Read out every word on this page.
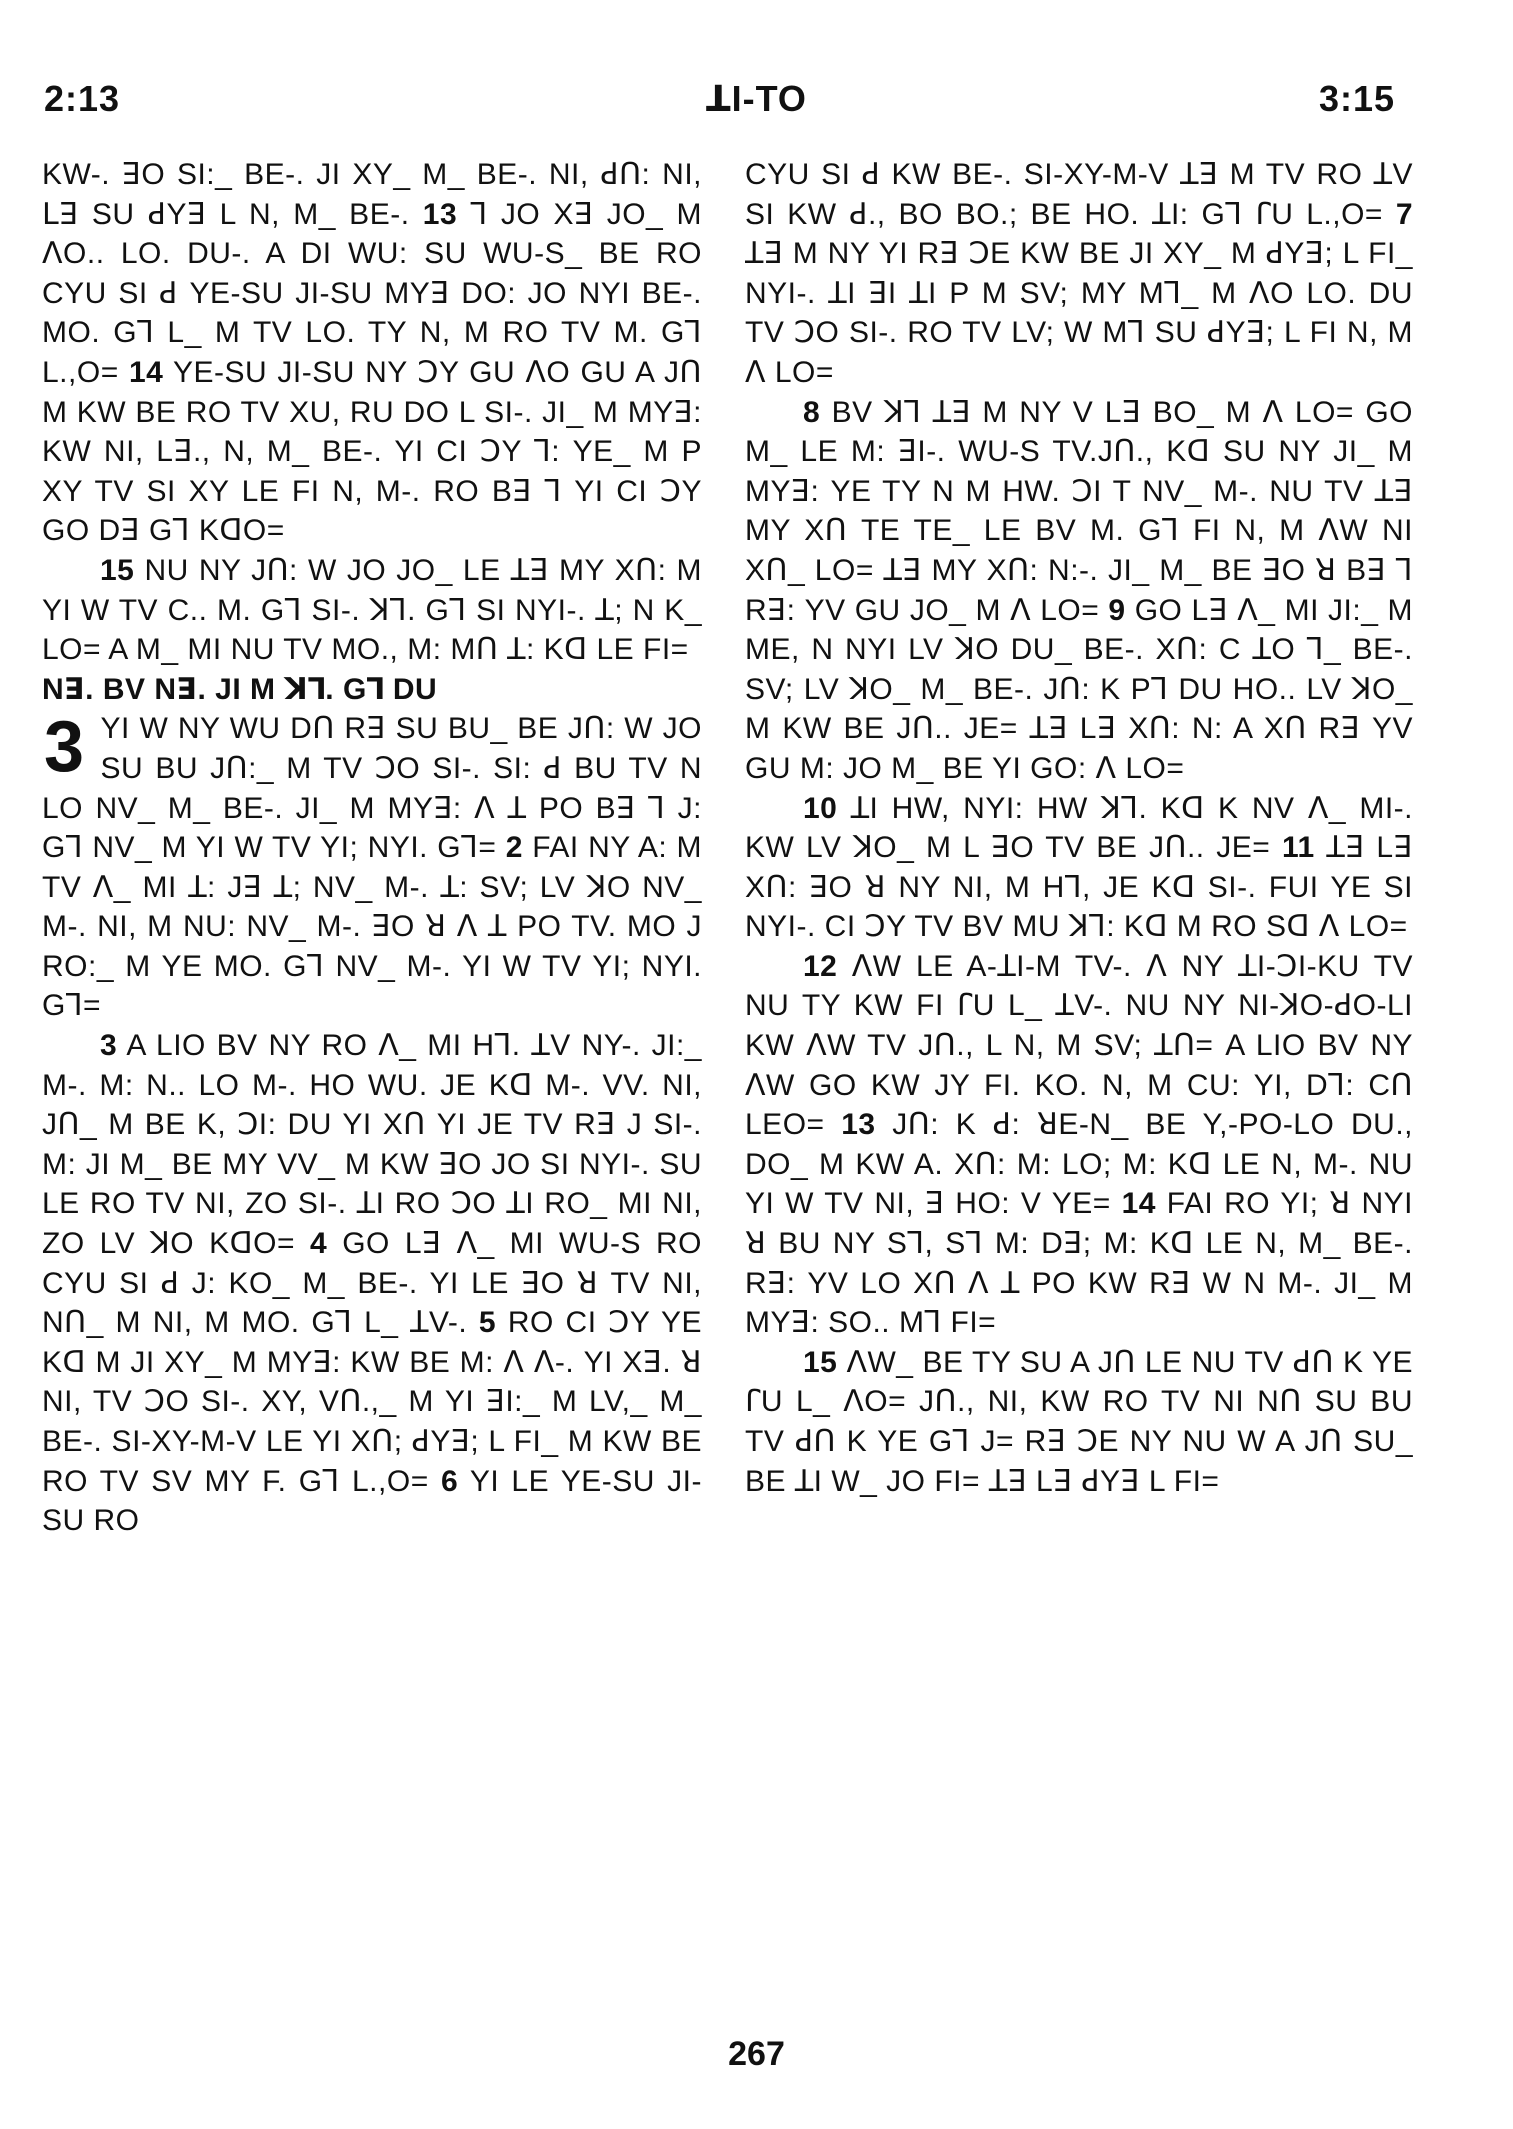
2:13	ꓕI-TO	3:15

KW-. ꓱO SI:_ BE-. JI XY_ M_ BE-. NI, ꓒՈ: NI, ꓡꓱ SU ꓒYꓱ L N, M_ BE-. 13 ꓶ JO Xꓱ JO_ M ꓥO.. LO. DU-. A DI WU: SU WU-S_ BE RO CYU SI ꓒ YE-SU JI-SU MYꓱ DO: JO NYI BE-. MO. Gꓶ L_ M TV LO. TY N, M RO TV M. Gꓶ L.,O= 14 YE-SU JI-SU NY ꓛY GU ꓥO GU A JՈ M KW BE RO TV XU, RU DO L SI-. JI_ M MYꓱ: KW NI, Lꓱ., N, M_ BE-. YI CI ꓛY ꓶ: YE_ M P XY TV SI XY LE FI N, M-. RO Bꓱ ꓶ YI CI ꓛY GO Dꓱ Gꓶ KꓷO=

15 NU NY JՈ: W JO JO_ LE ꓕꓱ MY XՈ: M YI W TV C.. M. Gꓶ SI-. ꓘꓶ. Gꓶ SI NYI-. ꓕ; N K_ LO= A M_ MI NU TV MO., M: MՈ ꓕ: Kꓷ LE FI=

Nꓱ. BV Nꓱ. JI M ꓘꓶ. Gꓶ DU

3 YI W NY WU DՈ Rꓱ SU BU_ BE JՈ: W JO SU BU JՈ:_ M TV ꓛO SI-. SI: ꓒ BU TV N LO NV_ M_ BE-. JI_ M MYꓱ: ꓥ ꓕ PO Bꓱ ꓶ J: Gꓶ NV_ M YI W TV YI; NYI. Gꓶ= 2 FAI NY A: M TV ꓥ_ MI ꓕ: Jꓱ ꓕ; NV_ M-. ꓕ: SV; LV ꓘO NV_ M-. NI, M NU: NV_ M-. ꓱO ꓤ ꓥ ꓕ PO TV. MO J RO:_ M YE MO. Gꓶ NV_ M-. YI W TV YI; NYI. Gꓶ=

3 A LIO BV NY RO ꓥ_ MI Hꓶ. ꓕV NY-. JI:_ M-. M: N.. LO M-. HO WU. JE Kꓷ M-. VV. NI, JՈ_ M BE K, ꓛI: DU YI XՈ YI JE TV Rꓱ J SI-. M: JI M_ BE MY VV_ M KW ꓱO JO SI NYI-. SU LE RO TV NI, ZO SI-. ꓕI RO ꓛO ꓕI RO_ MI NI, ZO LV ꓘO KꓷO= 4 GO Lꓱ ꓥ_ MI WU-S RO CYU SI ꓒ J: KO_ M_ BE-. YI LE ꓱO ꓤ TV NI, NՈ_ M NI, M MO. Gꓶ L_ ꓕV-. 5 RO CI ꓛY YE Kꓷ M JI XY_ M MYꓱ: KW BE M: ꓥ ꓥ-. YI Xꓱ. ꓤ NI, TV ꓛO SI-. XY, VՈ.,_ M YI ꓱI:_ M LV,_ M_ BE-. SI-XY-M-V LE YI XՈ; ꓒYꓱ; L FI_ M KW BE RO TV SV MY F. Gꓶ L.,O= 6 YI LE YE-SU JI-SU RO

CYU SI ꓒ KW BE-. SI-XY-M-V ꓕꓱ M TV RO ꓕV SI KW ꓒ., BO BO.; BE HO. ꓕI: Gꓶ ꓩU L.,O= 7 ꓕꓱ M NY YI Rꓱ ꓛE KW BE JI XY_ M ꓒYꓱ; L FI_ NYI-. ꓕI ꓱI ꓕI P M SV; MY Mꓶ_ M ꓥO LO. DU TV ꓛO SI-. RO TV LV; W Mꓶ SU ꓒYꓱ; L FI N, M ꓥ LO=

8 BV ꓘꓶ ꓕꓱ M NY V Lꓱ BO_ M ꓥ LO= GO M_ LE M: ꓱI-. WU-S TV.JՈ., Kꓷ SU NY JI_ M MYꓱ: YE TY N M HW. ꓛI T NV_ M-. NU TV ꓕꓱ MY XՈ TE TE_ LE BV M. Gꓶ FI N, M ꓥW NI XՈ_ LO= ꓕꓱ MY XՈ: N:-. JI_ M_ BE ꓱO ꓤ Bꓱ ꓶ Rꓱ: YV GU JO_ M ꓥ LO= 9 GO Lꓱ ꓥ_ MI JI:_ M ME, N NYI LV ꓘO DU_ BE-. XՈ: C ꓕO ꓶ_ BE-. SV; LV ꓘO_ M_ BE-. JՈ: K Pꓶ DU HO.. LV ꓘO_ M KW BE JՈ.. JE= ꓕꓱ Lꓱ XՈ: N: A XՈ Rꓱ YV GU M: JO M_ BE YI GO: ꓥ LO=

10 ꓕI HW, NYI: HW ꓘꓶ. Kꓷ K NV ꓥ_ MI-. KW LV ꓘO_ M L ꓱO TV BE JՈ.. JE= 11 ꓕꓱ Lꓱ XՈ: ꓱO ꓤ NY NI, M Hꓶ, JE Kꓷ SI-. FUI YE SI NYI-. CI ꓛY TV BV MU ꓘꓶ: Kꓷ M RO Sꓷ ꓥ LO=

12 ꓥW LE A-ꓕI-M TV-. ꓥ NY ꓕI-ꓛI-KU TV NU TY KW FI ꓩU L_ ꓕV-. NU NY NI-ꓘO-ꓒO-LI KW ꓥW TV JՈ., L N, M SV; ꓕՈ= A LIO BV NY ꓥW GO KW JY FI. KO. N, M CU: YI, Dꓶ: CՈ LEO= 13 JՈ: K ꓒ: ꓤE-N_ BE Y,-PO-LO DU., DO_ M KW A. XՈ: M: LO; M: Kꓷ LE N, M-. NU YI W TV NI, ꓱ HO: V YE= 14 FAI RO YI; ꓤ NYI ꓤ BU NY Sꓶ, Sꓶ M: Dꓱ; M: Kꓷ LE N, M_ BE-. Rꓱ: YV LO XՈ ꓥ ꓕ PO KW Rꓱ W N M-. JI_ M MYꓱ: SO.. Mꓶ FI=

15 ꓥW_ BE TY SU A JՈ LE NU TV ꓒՈ K YE ꓩU L_ ꓥO= JՈ., NI, KW RO TV NI NՈ SU BU TV ꓒՈ K YE Gꓶ J= Rꓱ ꓛE NY NU W A JՈ SU_ BE ꓕI W_ JO FI= ꓕꓱ Lꓱ ꓒYꓱ L FI=

267
